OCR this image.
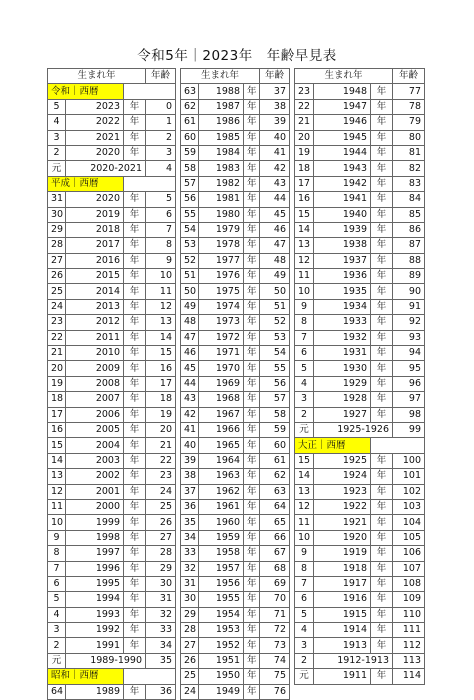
令和5年｜2023年　年齢早見表
生まれ年			年齢
令和｜西暦			
5	2023	年	0
4	2022	年	1
3	2021	年	2
2	2020	年	3
元	2020-2021		4
平成｜西暦			
31	2020	年	5
30	2019	年	6
29	2018	年	7
28	2017	年	8
27	2016	年	9
26	2015	年	10
25	2014	年	11
24	2013	年	12
23	2012	年	13
22	2011	年	14
21	2010	年	15
20	2009	年	16
19	2008	年	17
18	2007	年	18
17	2006	年	19
16	2005	年	20
15	2004	年	21
14	2003	年	22
13	2002	年	23
12	2001	年	24
11	2000	年	25
10	1999	年	26
9	1998	年	27
8	1997	年	28
7	1996	年	29
6	1995	年	30
5	1994	年	31
4	1993	年	32
3	1992	年	33
2	1991	年	34
元	1989-1990		35
昭和｜西暦			
64	1989	年	36
生まれ年			年齢
63	1988	年	37
62	1987	年	38
61	1986	年	39
60	1985	年	40
59	1984	年	41
58	1983	年	42
57	1982	年	43
56	1981	年	44
55	1980	年	45
54	1979	年	46
53	1978	年	47
52	1977	年	48
51	1976	年	49
50	1975	年	50
49	1974	年	51
48	1973	年	52
47	1972	年	53
46	1971	年	54
45	1970	年	55
44	1969	年	56
43	1968	年	57
42	1967	年	58
41	1966	年	59
40	1965	年	60
39	1964	年	61
38	1963	年	62
37	1962	年	63
36	1961	年	64
35	1960	年	65
34	1959	年	66
33	1958	年	67
32	1957	年	68
31	1956	年	69
30	1955	年	70
29	1954	年	71
28	1953	年	72
27	1952	年	73
26	1951	年	74
25	1950	年	75
24	1949	年	76
生まれ年			年齢
23	1948	年	77
22	1947	年	78
21	1946	年	79
20	1945	年	80
19	1944	年	81
18	1943	年	82
17	1942	年	83
16	1941	年	84
15	1940	年	85
14	1939	年	86
13	1938	年	87
12	1937	年	88
11	1936	年	89
10	1935	年	90
9	1934	年	91
8	1933	年	92
7	1932	年	93
6	1931	年	94
5	1930	年	95
4	1929	年	96
3	1928	年	97
2	1927	年	98
元	1925-1926		99
大正｜西暦			
15	1925	年	100
14	1924	年	101
13	1923	年	102
12	1922	年	103
11	1921	年	104
10	1920	年	105
9	1919	年	106
8	1918	年	107
7	1917	年	108
6	1916	年	109
5	1915	年	110
4	1914	年	111
3	1913	年	112
2	1912-1913		113
元	1911	年	114
